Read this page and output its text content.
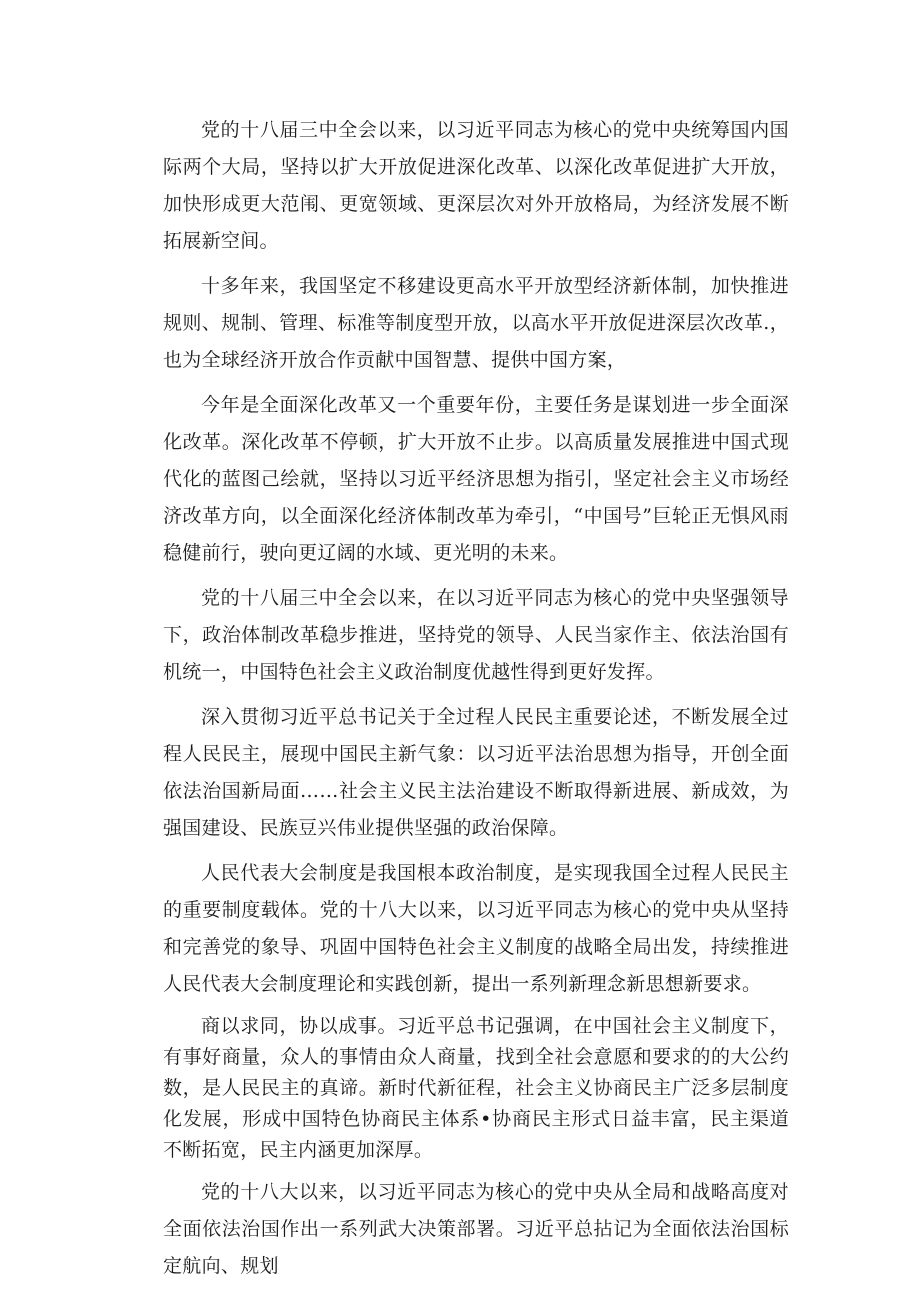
党的十八届三中全会以来，以习近平同志为核心的党中央统筹国内国际两个大局，坚持以扩大开放促进深化改革、以深化改革促进扩大开放，加快形成更大范闱、更宽领域、更深层次对外开放格局，为经济发展不断拓展新空间。

十多年来，我国坚定不移建设更高水平开放型经济新体制，加快推进规则、规制、管理、标准等制度型开放，以高水平开放促进深层次改革.，也为全球经济开放合作贡献中国智慧、提供中国方案，

今年是全面深化改革又一个重要年份，主要任务是谋划进一步全面深化改革。深化改革不停顿，扩大开放不止步。以高质量发展推进中国式现代化的蓝图己绘就，坚持以习近平经济思想为指引，坚定社会主义市场经济改革方向，以全面深化经济体制改革为牵引，“中国号”巨轮正无惧风雨稳健前行，驶向更辽阔的水域、更光明的未来。

党的十八届三中全会以来，在以习近平同志为核心的党中央坚强领导下，政治体制改革稳步推进，坚持党的领导、人民当家作主、依法治国有机统一，中国特色社会主义政治制度优越性得到更好发挥。

深入贯彻习近平总书记关于全过程人民民主重要论述，不断发展全过程人民民主，展现中国民主新气象：以习近平法治思想为指导，开创全面依法治国新局面……社会主义民主法治建设不断取得新进展、新成效，为强国建设、民族豆兴伟业提供坚强的政治保障。

人民代表大会制度是我国根本政治制度，是实现我国全过程人民民主的重要制度载体。党的十八大以来，以习近平同志为核心的党中央从坚持和完善党的象导、巩固中国特色社会主义制度的战略全局出发，持续推进人民代表大会制度理论和实践创新，提出一系列新理念新思想新要求。

商以求同，协以成事。习近平总书记强调，在中国社会主义制度下，有事好商量，众人的事情由众人商量，找到全社会意愿和要求的的大公约数，是人民民主的真谛。新时代新征程，社会主义协商民主广泛多层制度化发展，形成中国特色协商民主体系•协商民主形式日益丰富，民主渠道不断拓宽，民主内涵更加深厚。

党的十八大以来，以习近平同志为核心的党中央从全局和战略高度对全面依法治国作出一系列武大决策部署。习近平总拈记为全面依法治国标定航向、规划
